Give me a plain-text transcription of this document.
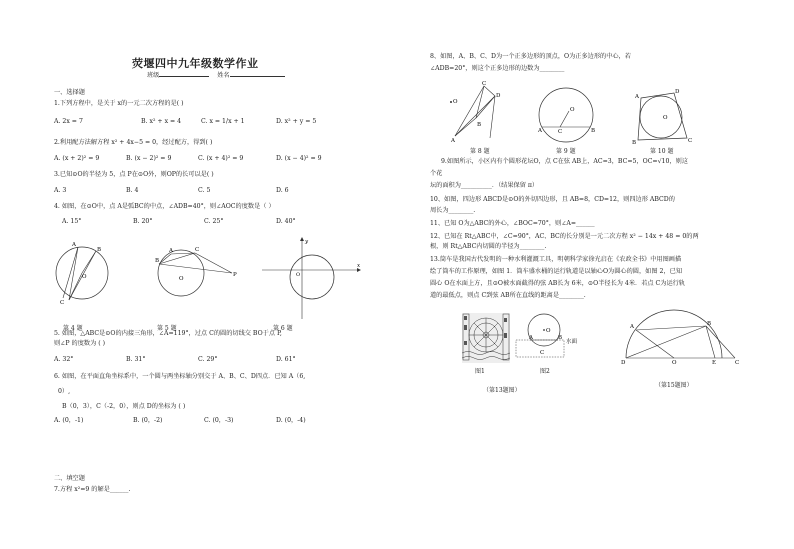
荧堰四中九年级数学作业
班级	姓名
一、选择题
1.下列方程中，是关于 x的一元二次方程的是( )
A. 2x = 7	B. x² + x = 4	C. x = 1/x + 1	D. x² + y = 5
2.利用配方法解方程 x² + 4x−5 = 0，经过配方，得到( )
A. (x + 2)² = 9	B. (x − 2)² = 9	C. (x + 4)² = 9	D. (x − 4)² = 9
3.已知⊙O的半径为 5，点 P在⊙O外，则OP的长可以是( )
A. 3	B. 4	C. 5	D. 6
4. 如图，在⊙O中，点 A是弧BC的中点，∠ADB=40°，则∠AOC的度数是（ ）
A. 15°	B. 20°	C. 25°	D. 40°
A
B
O
C
第 4 题
B
A	C
O
P
第 5 题
x
y
O
第 6 题
5. 如图，△ABC是⊙O的内接三角形，∠A=119°，过点 C的圆的切线交 BO于点 P,
则∠P 的度数为 ( )
A. 32°	B. 31°	C. 29°	D. 61°
6. 如图，在平面直角坐标系中，一个圆与两坐标轴分别交于 A、B、C、D四点．已知 A（6,
0）,
B（0，3），C（-2，0），则点 D的坐标为 ( )
A. (0，-1)	B. (0，-2)	C. (0，-3)	D. (0，-4)
二、填空题
7.方程 x²=9 的解是______.
8、如图，A、B、C、D为一个正多边形的顶点，O为正多边形的中心，若
∠ADB=20°，则这个正多边形的边数为________
O
A
B
C
D
第 8 题
O
A	C	B
第 9 题
O
A
D
B	C
第 10 题
9.如图所示，小区内有个圆形花坛O，点 C在弦 AB上，AC=3，BC=5，OC=√10，则这
个花
坛的面积为__________．（结果保留 π）
10、如图，四边形 ABCD是⊙O的外切四边形，且 AB=8，CD=12，则四边形 ABCD的
周长为________.
11、已知 O为△ABC的外心，∠BOC=70°，则∠A=______
12、已知在 Rt△ABC中，∠C=90°，AC、BC的长分别是一元二次方程 x² − 14x + 48 = 0的两
根，则 Rt△ABC内切圆的半径为________.
13.筒车是我国古代发明的一种水利灌溉工具，明朝科学家徐光启在《农政全书》中用图画描
绘了筒车的工作原理，如图 1．筒车盛水桶的运行轨道是以轴心O为圆心的圆，如图 2，已知
圆心 O在水面上方，且⊙O被水面截得的弦 AB长为 6米，⊙O半径长为 4米．若点 C为运行轨
道的最低点，则点 C到弦 AB所在直线的距离是________.
图1
O
A	B
C
水面
图2
（第13题图）
A	B
D	O	E	C
（第15题图）
